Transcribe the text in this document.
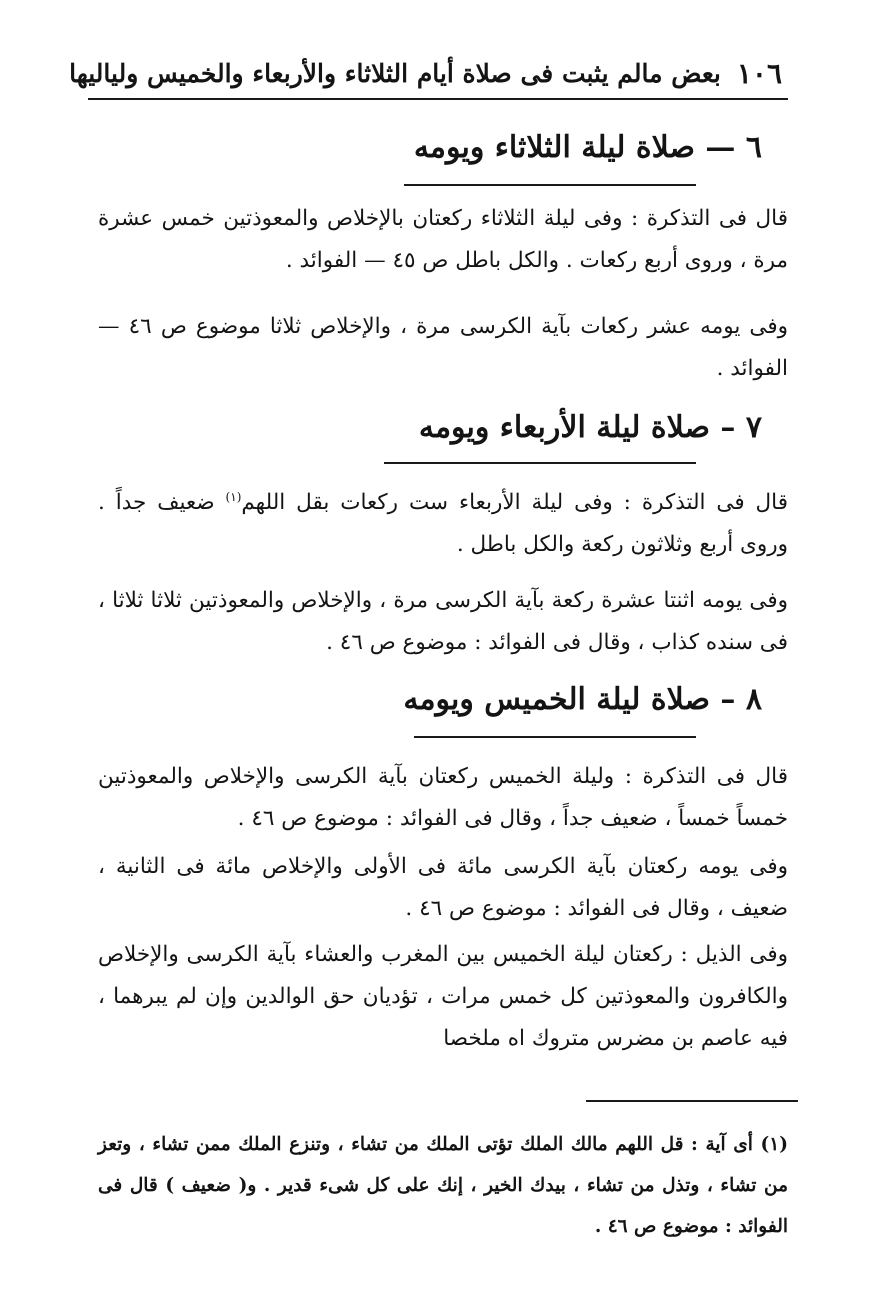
١٠٦
بعض مالم يثبت فى صلاة أيام الثلاثاء والأربعاء والخميس ولياليها
٦ — صلاة ليلة الثلاثاء ويومه
قال فى التذكرة : وفى ليلة الثلاثاء ركعتان بالإخلاص والمعوذتين خمس عشرة مرة ، وروى أربع ركعات . والكل باطل ص ٤٥ — الفوائد .
وفى يومه عشر ركعات بآية الكرسى مرة ، والإخلاص ثلاثا موضوع ص ٤٦ — الفوائد .
٧ – صلاة ليلة الأربعاء ويومه
قال فى التذكرة : وفى ليلة الأربعاء ست ركعات بقل اللهم$^{(١)}$ ضعيف جداً . وروى أربع وثلاثون ركعة والكل باطل .
وفى يومه اثنتا عشرة ركعة بآية الكرسى مرة ، والإخلاص والمعوذتين ثلاثا ثلاثا ، فى سنده كذاب ، وقال فى الفوائد : موضوع ص ٤٦ .
٨ – صلاة ليلة الخميس ويومه
قال فى التذكرة : وليلة الخميس ركعتان بآية الكرسى والإخلاص والمعوذتين خمساً خمساً ، ضعيف جداً ، وقال فى الفوائد : موضوع ص ٤٦ .
وفى يومه ركعتان بآية الكرسى مائة فى الأولى والإخلاص مائة فى الثانية ، ضعيف ، وقال فى الفوائد : موضوع ص ٤٦ .
وفى الذيل : ركعتان ليلة الخميس بين المغرب والعشاء بآية الكرسى والإخلاص والكافرون والمعوذتين كل خمس مرات ، تؤديان حق الوالدين وإن لم يبرهما ، فيه عاصم بن مضرس متروك اه ملخصا
(١) أى آية : قل اللهم مالك الملك تؤتى الملك من تشاء ، وتنزع الملك ممن تشاء ، وتعز من تشاء ، وتذل من تشاء ، بيدك الخير ، إنك على كل شىء قدير . و( ضعيف ) قال فى الفوائد : موضوع ص ٤٦ .
